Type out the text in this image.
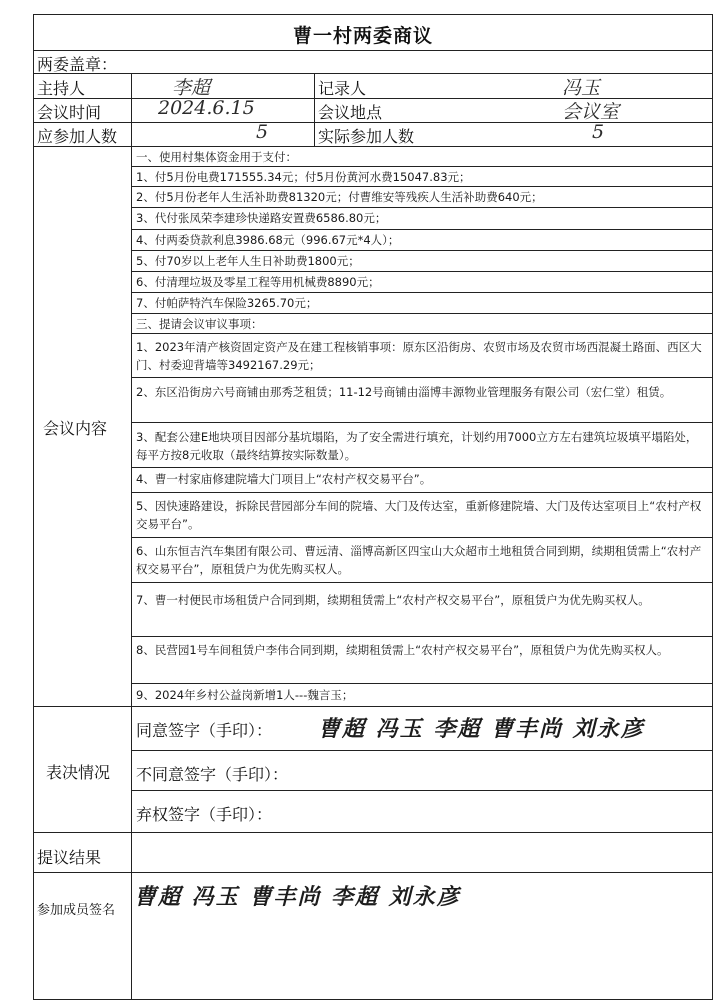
曹一村两委商议
两委盖章：
主持人	李超	记录人	冯玉
会议时间	2024.6.15	会议地点	会议室
应参加人数	5	实际参加人数	5
会议内容
一、使用村集体资金用于支付：
1、付5月份电费171555.34元；付5月份黄河水费15047.83元；
2、付5月份老年人生活补助费81320元；付曹维安等残疾人生活补助费640元；
3、代付张凤荣李建珍快递路安置费6586.80元；
4、付两委贷款利息3986.68元（996.67元*4人）；
5、付70岁以上老年人生日补助费1800元；
6、付清理垃圾及零星工程等用机械费8890元；
7、付帕萨特汽车保险3265.70元；
三、提请会议审议事项：
1、2023年清产核资固定资产及在建工程核销事项：原东区沿街房、农贸市场及农贸市场西混凝土路面、西区大门、村委迎背墙等3492167.29元；
2、东区沿街房六号商铺由那秀芝租赁；11-12号商铺由淄博丰源物业管理服务有限公司（宏仁堂）租赁。
3、配套公建E地块项目因部分基坑塌陷，为了安全需进行填充，计划约用7000立方左右建筑垃圾填平塌陷处，每平方按8元收取（最终结算按实际数量）。
4、曹一村家庙修建院墙大门项目上“农村产权交易平台”。
5、因快速路建设，拆除民营园部分车间的院墙、大门及传达室，重新修建院墙、大门及传达室项目上“农村产权交易平台”。
6、山东恒吉汽车集团有限公司、曹远清、淄博高新区四宝山大众超市土地租赁合同到期，续期租赁需上“农村产权交易平台”，原租赁户为优先购买权人。
7、曹一村便民市场租赁户合同到期，续期租赁需上“农村产权交易平台”，原租赁户为优先购买权人。
8、民营园1号车间租赁户李伟合同到期，续期租赁需上“农村产权交易平台”，原租赁户为优先购买权人。
9、2024年乡村公益岗新增1人---魏言玉；
表决情况
同意签字（手印）： 曹超 冯玉 李超 曹丰尚 刘永彦
不同意签字（手印）：
弃权签字（手印）：
提议结果
参加成员签名
曹超 冯玉 曹丰尚 李超 刘永彦
